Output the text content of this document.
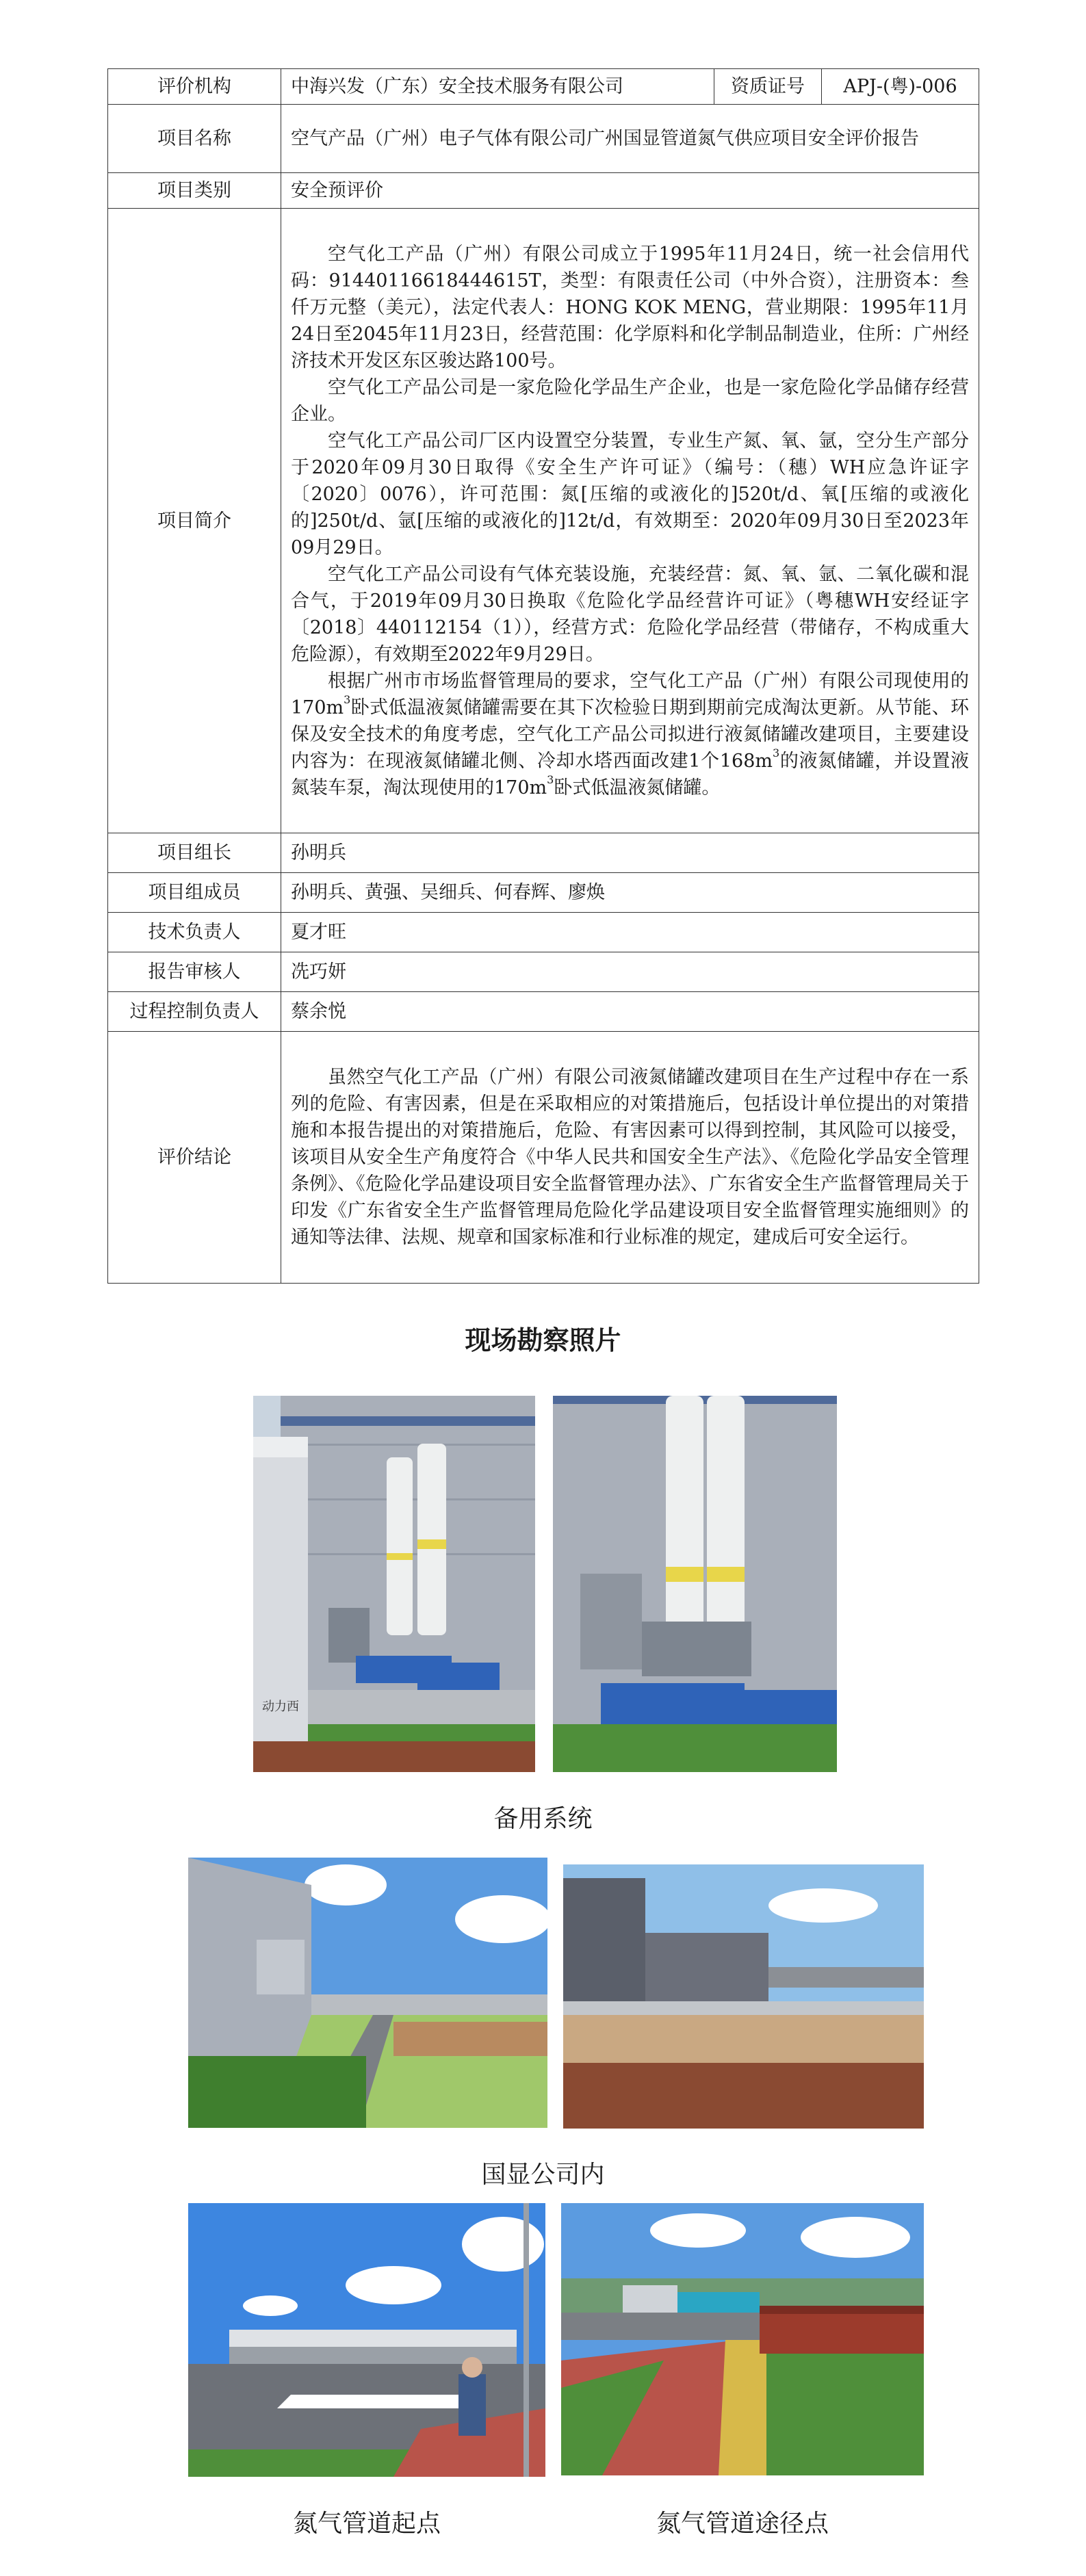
评价机构	中海兴发（广东）安全技术服务有限公司	资质证号	APJ-(粤)-006
项目名称	空气产品（广州）电子气体有限公司广州国显管道氮气供应项目安全评价报告		

项目类别	安全预评价		
项目简介	空气化工产品（广州）有限公司成立于1995年11月24日，统一社会信用代码：91440116618444615T，类型：有限责任公司（中外合资），注册资本：叁仟万元整（美元），法定代表人：HONG KOK MENG，营业期限：1995年11月24日至2045年11月23日，经营范围：化学原料和化学制品制造业，住所：广州经济技术开发区东区骏达路100号。

空气化工产品公司是一家危险化学品生产企业，也是一家危险化学品储存经营企业。

空气化工产品公司厂区内设置空分装置，专业生产氮、氧、氩，空分生产部分于2020年09月30日取得《安全生产许可证》（编号：（穗）WH应急许证字〔2020〕0076），许可范围：氮[压缩的或液化的]520t/d、氧[压缩的或液化的]250t/d、氩[压缩的或液化的]12t/d，有效期至：2020年09月30日至2023年09月29日。

空气化工产品公司设有气体充装设施，充装经营：氮、氧、氩、二氧化碳和混合气，于2019年09月30日换取《危险化学品经营许可证》（粤穗WH安经证字〔2018〕440112154（1）），经营方式：危险化学品经营（带储存，不构成重大危险源），有效期至2022年9月29日。

根据广州市市场监督管理局的要求，空气化工产品（广州）有限公司现使用的$170m^3$卧式低温液氮储罐需要在其下次检验日期到期前完成淘汰更新。从节能、环保及安全技术的角度考虑，空气化工产品公司拟进行液氮储罐改建项目，主要建设内容为：在现液氮储罐北侧、冷却水塔西面改建1个$168m^3$的液氮储罐，并设置液氮装车泵，淘汰现使用的$170m^3$卧式低温液氮储罐。		

项目组长	孙明兵		
项目组成员	孙明兵、黄强、吴细兵、何春辉、廖焕		
技术负责人	夏才旺		
报告审核人	冼巧妍		
过程控制负责人	蔡余悦		
评价结论	虽然空气化工产品（广州）有限公司液氮储罐改建项目在生产过程中存在一系列的危险、有害因素，但是在采取相应的对策措施后，包括设计单位提出的对策措施和本报告提出的对策措施后，危险、有害因素可以得到控制，其风险可以接受，该项目从安全生产角度符合《中华人民共和国安全生产法》、《危险化学品安全管理条例》、《危险化学品建设项目安全监督管理办法》、广东省安全生产监督管理局关于印发《广东省安全生产监督管理局危险化学品建设项目安全监督管理实施细则》的通知等法律、法规、规章和国家标准和行业标准的规定，建成后可安全运行。		

现场勘察照片
动力西
备用系统
国显公司内
氮气管道起点	氮气管道途径点
